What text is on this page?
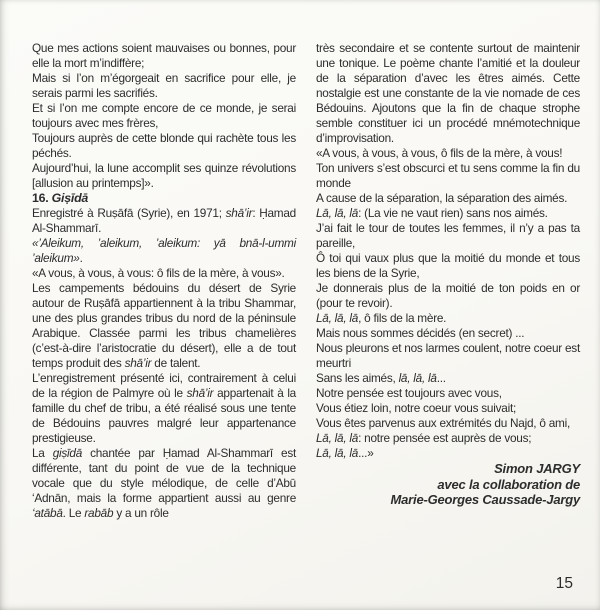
Que mes actions soient mauvaises ou bonnes, pour elle la mort m’indiffère;

Mais si l’on m’égorgeait en sacrifice pour elle, je serais parmi les sacrifiés.

Et si l’on me compte encore de ce monde, je serai toujours avec mes frères,

Toujours auprès de cette blonde qui rachète tous les péchés.

Aujourd’hui, la lune accomplit ses quinze révolutions [allusion au printemps]».

16. Giṣīdā

Enregistré à Ruṣāfā (Syrie), en 1971; shā’ir: Ḥamad Al-Shammarī.

«’Aleikum, ’aleikum, ’aleikum: yā bnā-l-ummi ’aleikum».

«A vous, à vous, à vous: ô fils de la mère, à vous».

Les campements bédouins du désert de Syrie autour de Ruṣāfā appartiennent à la tribu Shammar, une des plus grandes tribus du nord de la péninsule Arabique. Classée parmi les tribus chamelières (c’est-à-dire l’aristocratie du désert), elle a de tout temps produit des shā’ir de talent.

L’enregistrement présenté ici, contrairement à celui de la région de Palmyre où le shā’ir appartenait à la famille du chef de tribu, a été réalisé sous une tente de Bédouins pauvres malgré leur appartenance prestigieuse.

La giṣīdā chantée par Ḥamad Al-Shammarī est différente, tant du point de vue de la technique vocale que du style mélodique, de celle d’Abū ‘Adnān, mais la forme appartient aussi au genre ‘atābā. Le rabāb y a un rôle

très secondaire et se contente surtout de maintenir une tonique. Le poème chante l’amitié et la douleur de la séparation d’avec les êtres aimés. Cette nostalgie est une constante de la vie nomade de ces Bédouins. Ajoutons que la fin de chaque strophe semble constituer ici un procédé mnémotechnique d’improvisation.

«A vous, à vous, à vous, ô fils de la mère, à vous!

Ton univers s’est obscurci et tu sens comme la fin du monde

A cause de la séparation, la séparation des aimés.

Lā, lā, lā: (La vie ne vaut rien) sans nos aimés.

J’ai fait le tour de toutes les femmes, il n’y a pas ta pareille,

Ô toi qui vaux plus que la moitié du monde et tous les biens de la Syrie,

Je donnerais plus de la moitié de ton poids en or (pour te revoir).

Lā, lā, lā, ô fils de la mère.

Mais nous sommes décidés (en secret) ...

Nous pleurons et nos larmes coulent, notre coeur est meurtri

Sans les aimés, lā, lā, lā...

Notre pensée est toujours avec vous,

Vous étiez loin, notre coeur vous suivait;

Vous êtes parvenus aux extrémités du Najd, ô ami,

Lā, lā, lā: notre pensée est auprès de vous;

Lā, lā, lā...»

Simon JARGY

avec la collaboration de

Marie-Georges Caussade-Jargy

15
